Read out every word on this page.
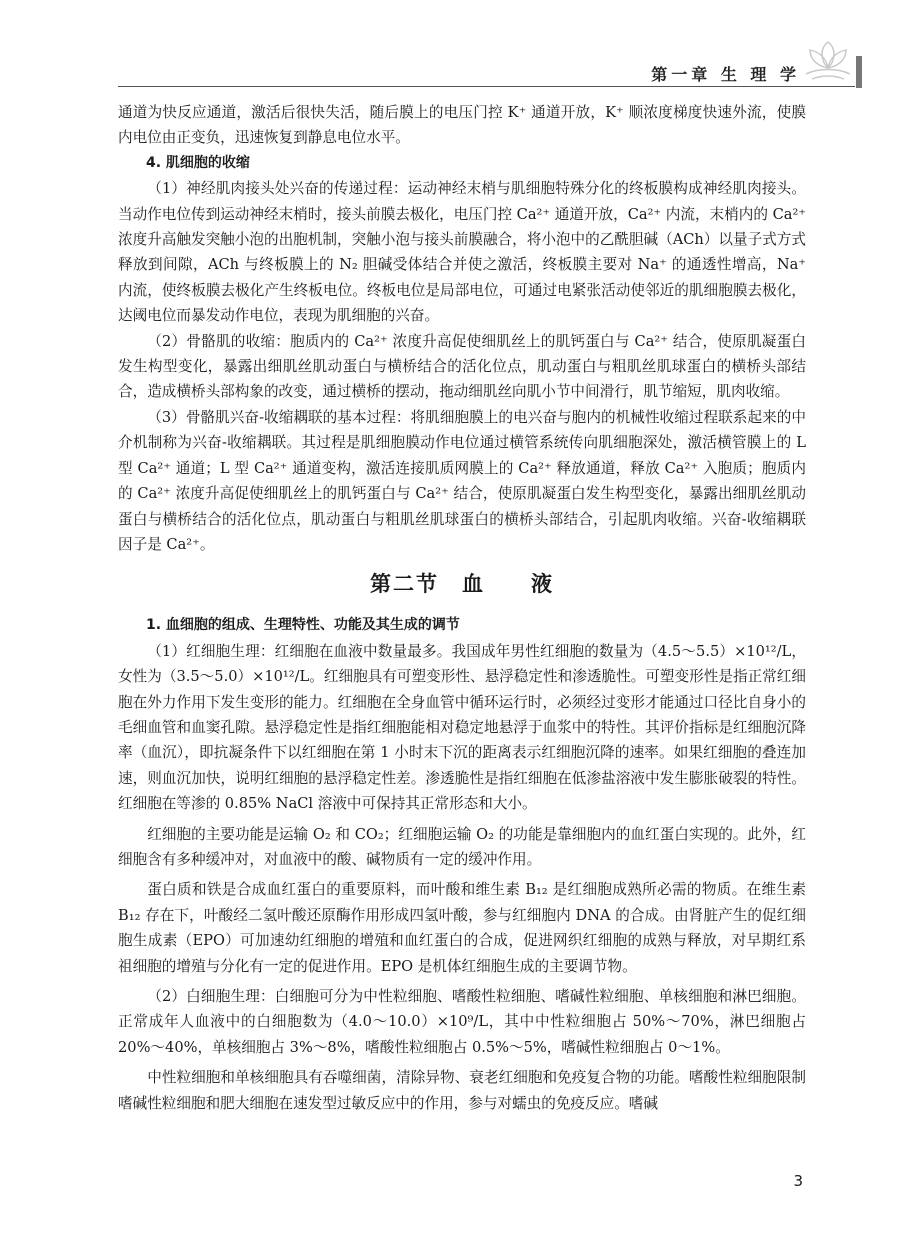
第一章 生 理 学

通道为快反应通道，激活后很快失活，随后膜上的电压门控 K⁺ 通道开放，K⁺ 顺浓度梯度快速外流，使膜内电位由正变负，迅速恢复到静息电位水平。

4. 肌细胞的收缩

（1）神经肌肉接头处兴奋的传递过程：运动神经末梢与肌细胞特殊分化的终板膜构成神经肌肉接头。当动作电位传到运动神经末梢时，接头前膜去极化，电压门控 Ca²⁺ 通道开放，Ca²⁺ 内流，末梢内的 Ca²⁺ 浓度升高触发突触小泡的出胞机制，突触小泡与接头前膜融合，将小泡中的乙酰胆碱（ACh）以量子式方式释放到间隙，ACh 与终板膜上的 N₂ 胆碱受体结合并使之激活，终板膜主要对 Na⁺ 的通透性增高，Na⁺ 内流，使终板膜去极化产生终板电位。终板电位是局部电位，可通过电紧张活动使邻近的肌细胞膜去极化，达阈电位而暴发动作电位，表现为肌细胞的兴奋。

（2）骨骼肌的收缩：胞质内的 Ca²⁺ 浓度升高促使细肌丝上的肌钙蛋白与 Ca²⁺ 结合，使原肌凝蛋白发生构型变化，暴露出细肌丝肌动蛋白与横桥结合的活化位点，肌动蛋白与粗肌丝肌球蛋白的横桥头部结合，造成横桥头部构象的改变，通过横桥的摆动，拖动细肌丝向肌小节中间滑行，肌节缩短，肌肉收缩。

（3）骨骼肌兴奋-收缩耦联的基本过程：将肌细胞膜上的电兴奋与胞内的机械性收缩过程联系起来的中介机制称为兴奋-收缩耦联。其过程是肌细胞膜动作电位通过横管系统传向肌细胞深处，激活横管膜上的 L 型 Ca²⁺ 通道；L 型 Ca²⁺ 通道变构，激活连接肌质网膜上的 Ca²⁺ 释放通道，释放 Ca²⁺ 入胞质；胞质内的 Ca²⁺ 浓度升高促使细肌丝上的肌钙蛋白与 Ca²⁺ 结合，使原肌凝蛋白发生构型变化，暴露出细肌丝肌动蛋白与横桥结合的活化位点，肌动蛋白与粗肌丝肌球蛋白的横桥头部结合，引起肌肉收缩。兴奋-收缩耦联因子是 Ca²⁺。

第二节　血　　液
1. 血细胞的组成、生理特性、功能及其生成的调节

（1）红细胞生理：红细胞在血液中数量最多。我国成年男性红细胞的数量为（4.5～5.5）×10¹²/L，女性为（3.5～5.0）×10¹²/L。红细胞具有可塑变形性、悬浮稳定性和渗透脆性。可塑变形性是指正常红细胞在外力作用下发生变形的能力。红细胞在全身血管中循环运行时，必须经过变形才能通过口径比自身小的毛细血管和血窦孔隙。悬浮稳定性是指红细胞能相对稳定地悬浮于血浆中的特性。其评价指标是红细胞沉降率（血沉），即抗凝条件下以红细胞在第 1 小时末下沉的距离表示红细胞沉降的速率。如果红细胞的叠连加速，则血沉加快，说明红细胞的悬浮稳定性差。渗透脆性是指红细胞在低渗盐溶液中发生膨胀破裂的特性。红细胞在等渗的 0.85% NaCl 溶液中可保持其正常形态和大小。

红细胞的主要功能是运输 O₂ 和 CO₂；红细胞运输 O₂ 的功能是靠细胞内的血红蛋白实现的。此外，红细胞含有多种缓冲对，对血液中的酸、碱物质有一定的缓冲作用。

蛋白质和铁是合成血红蛋白的重要原料，而叶酸和维生素 B₁₂ 是红细胞成熟所必需的物质。在维生素 B₁₂ 存在下，叶酸经二氢叶酸还原酶作用形成四氢叶酸，参与红细胞内 DNA 的合成。由肾脏产生的促红细胞生成素（EPO）可加速幼红细胞的增殖和血红蛋白的合成，促进网织红细胞的成熟与释放，对早期红系祖细胞的增殖与分化有一定的促进作用。EPO 是机体红细胞生成的主要调节物。

（2）白细胞生理：白细胞可分为中性粒细胞、嗜酸性粒细胞、嗜碱性粒细胞、单核细胞和淋巴细胞。正常成年人血液中的白细胞数为（4.0～10.0）×10⁹/L，其中中性粒细胞占 50%～70%，淋巴细胞占 20%～40%，单核细胞占 3%～8%，嗜酸性粒细胞占 0.5%～5%，嗜碱性粒细胞占 0～1%。

中性粒细胞和单核细胞具有吞噬细菌，清除异物、衰老红细胞和免疫复合物的功能。嗜酸性粒细胞限制嗜碱性粒细胞和肥大细胞在速发型过敏反应中的作用，参与对蠕虫的免疫反应。嗜碱

3
